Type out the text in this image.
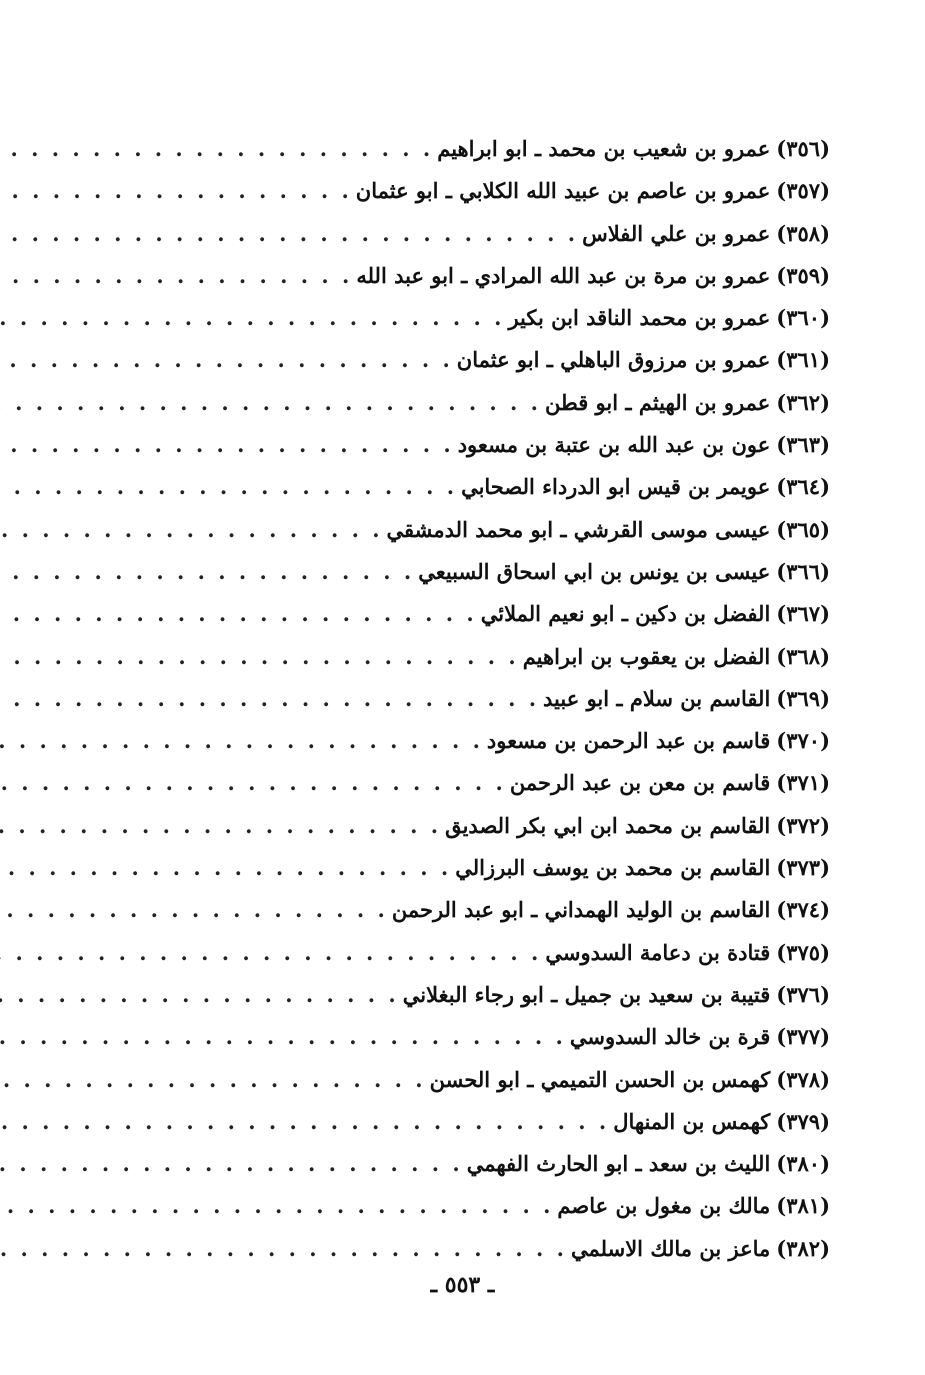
(٣٥٦)
عمرو بن شعيب بن محمد ـ ابو ابراهيم
. . .
(٣٥٧)
عمرو بن عاصم بن عبيد الله الكلابي ـ ابو عثمان
. . .
(٣٥٨)
عمرو بن علي الفلاس
. . .
(٣٥٩)
عمرو بن مرة بن عبد الله المرادي ـ ابو عبد الله
. . .
(٣٦٠)
عمرو بن محمد الناقد ابن بكير
. . .
(٣٦١)
عمرو بن مرزوق الباهلي ـ ابو عثمان
. . .
(٣٦٢)
عمرو بن الهيثم ـ ابو قطن
. . .
(٣٦٣)
عون بن عبد الله بن عتبة بن مسعود
. . .
(٣٦٤)
عويمر بن قيس ابو الدرداء الصحابي
. . .
(٣٦٥)
عيسى موسى القرشي ـ ابو محمد الدمشقي
. . .
(٣٦٦)
عيسى بن يونس بن ابي اسحاق السبيعي
. . .
(٣٦٧)
الفضل بن دكين ـ ابو نعيم الملائي
. . .
(٣٦٨)
الفضل بن يعقوب بن ابراهيم
. . .
(٣٦٩)
القاسم بن سلام ـ ابو عبيد
. . .
(٣٧٠)
قاسم بن عبد الرحمن بن مسعود
. . .
(٣٧١)
قاسم بن معن بن عبد الرحمن
. . .
(٣٧٢)
القاسم بن محمد ابن ابي بكر الصديق
. . .
(٣٧٣)
القاسم بن محمد بن يوسف البرزالي
. . .
(٣٧٤)
القاسم بن الوليد الهمداني ـ ابو عبد الرحمن
. . .
(٣٧٥)
قتادة بن دعامة السدوسي
. . .
(٣٧٦)
قتيبة بن سعيد بن جميل ـ ابو رجاء البغلاني
. . .
(٣٧٧)
قرة بن خالد السدوسي
. . .
(٣٧٨)
كهمس بن الحسن التميمي ـ ابو الحسن
. . .
(٣٧٩)
كهمس بن المنهال
. . .
(٣٨٠)
الليث بن سعد ـ ابو الحارث الفهمي
. . .
(٣٨١)
مالك بن مغول بن عاصم
. . .
(٣٨٢)
ماعز بن مالك الاسلمي
. . .
ـ ٥٥٣ ـ
